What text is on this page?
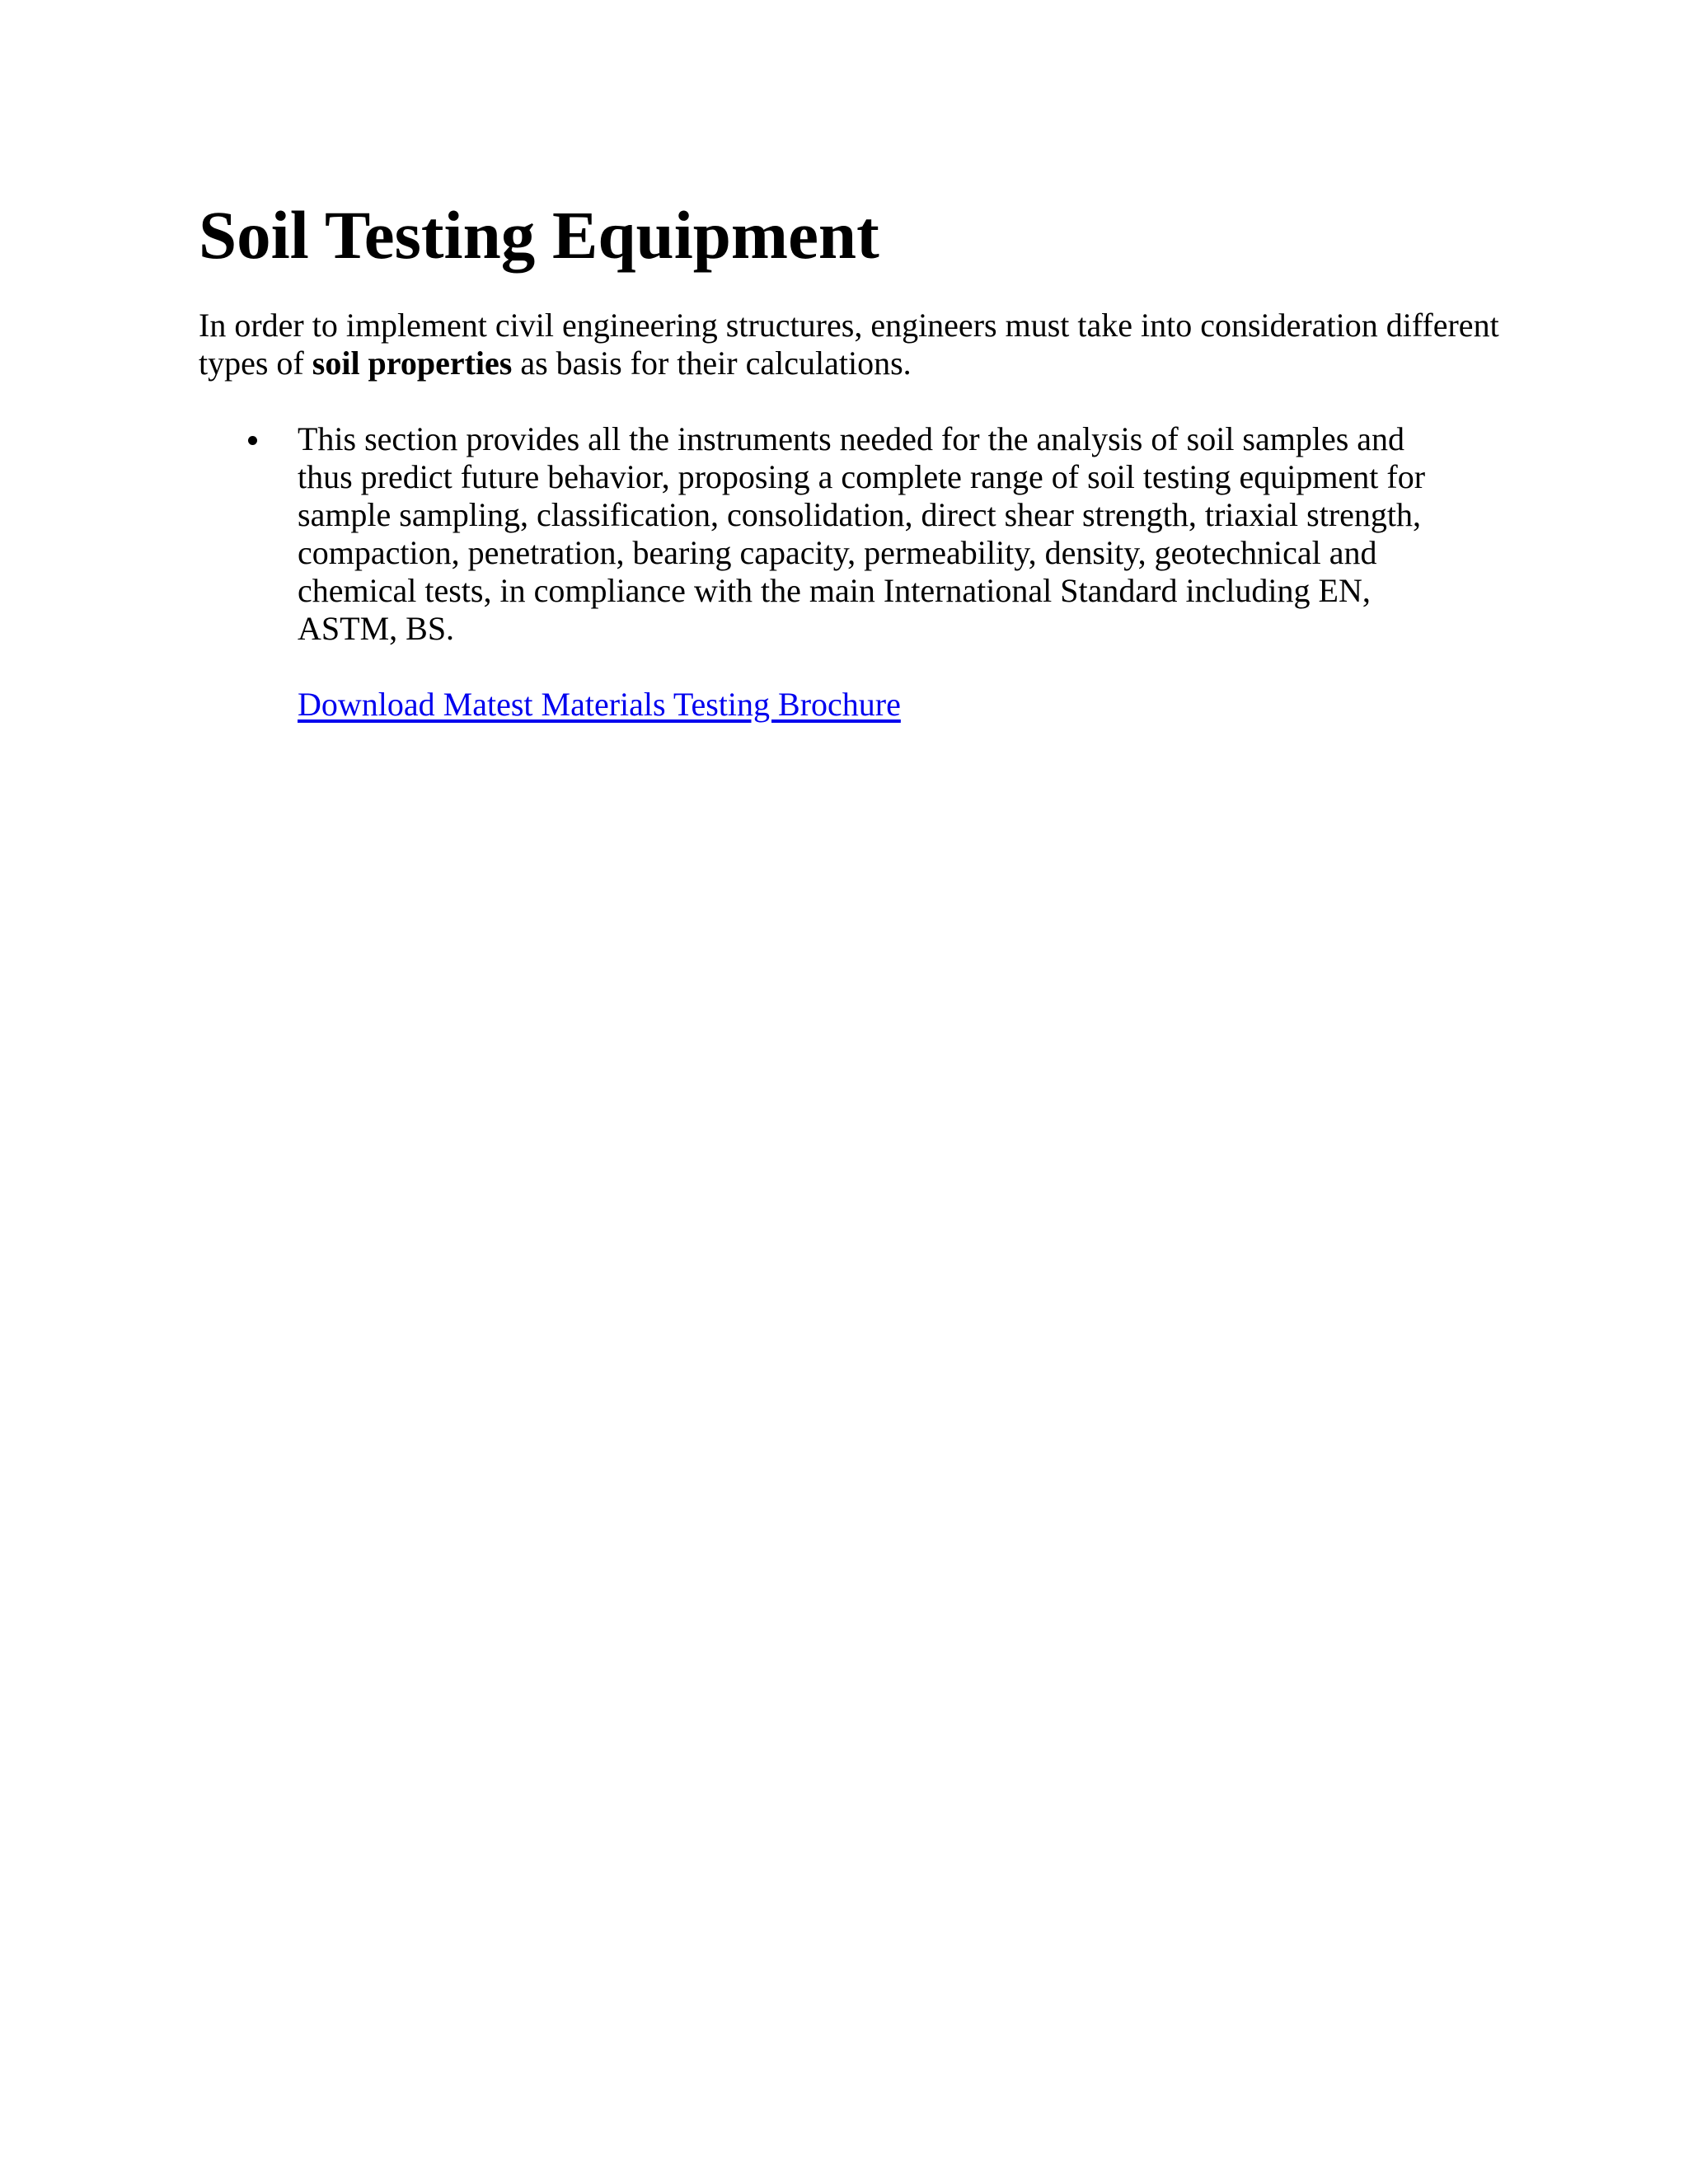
Soil Testing Equipment

In order to implement civil engineering structures, engineers must take into consideration different types of soil properties as basis for their calculations.

This section provides all the instruments needed for the analysis of soil samples and thus predict future behavior, proposing a complete range of soil testing equipment for sample sampling, classification, consolidation, direct shear strength, triaxial strength, compaction, penetration, bearing capacity, permeability, density, geotechnical and chemical tests, in compliance with the main International Standard including EN, ASTM, BS.
Download Matest Materials Testing Brochure
